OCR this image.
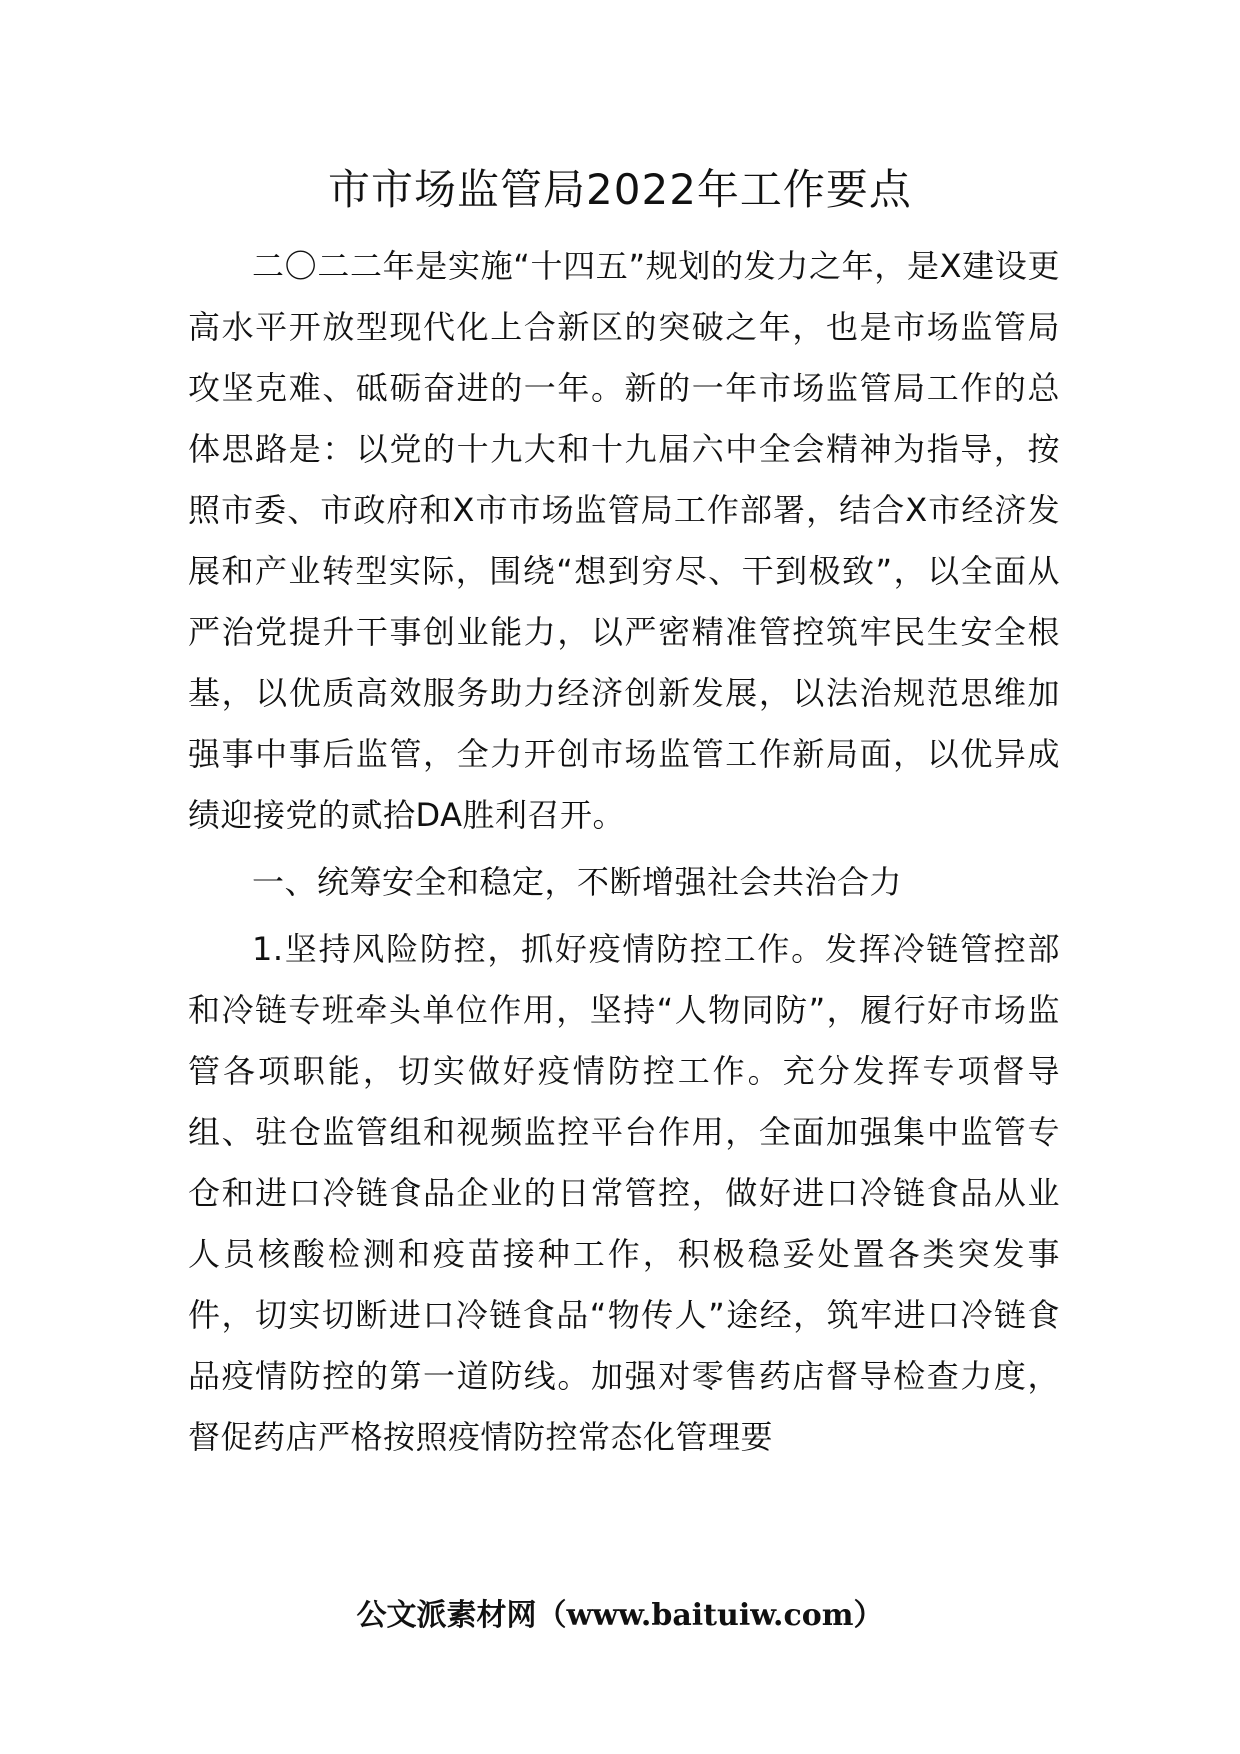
市市场监管局2022年工作要点

二〇二二年是实施“十四五”规划的发力之年，是X建设更高水平开放型现代化上合新区的突破之年，也是市场监管局攻坚克难、砥砺奋进的一年。新的一年市场监管局工作的总体思路是：以党的十九大和十九届六中全会精神为指导，按照市委、市政府和X市市场监管局工作部署，结合X市经济发展和产业转型实际，围绕“想到穷尽、干到极致”，以全面从严治党提升干事创业能力，以严密精准管控筑牢民生安全根基，以优质高效服务助力经济创新发展，以法治规范思维加强事中事后监管，全力开创市场监管工作新局面，以优异成绩迎接党的贰拾DA胜利召开。

一、统筹安全和稳定，不断增强社会共治合力

1.坚持风险防控，抓好疫情防控工作。发挥冷链管控部和冷链专班牵头单位作用，坚持“人物同防”，履行好市场监管各项职能，切实做好疫情防控工作。充分发挥专项督导组、驻仓监管组和视频监控平台作用，全面加强集中监管专仓和进口冷链食品企业的日常管控，做好进口冷链食品从业人员核酸检测和疫苗接种工作，积极稳妥处置各类突发事件，切实切断进口冷链食品“物传人”途经，筑牢进口冷链食品疫情防控的第一道防线。加强对零售药店督导检查力度，督促药店严格按照疫情防控常态化管理要

公文派素材网（www.baituiw.com）
